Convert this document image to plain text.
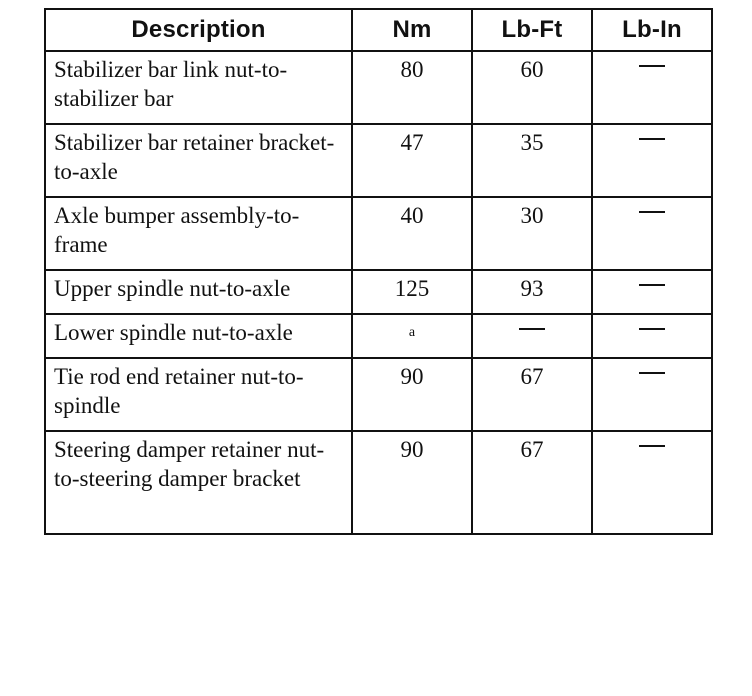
Description	Nm	Lb-Ft	Lb-In
Stabilizer bar link nut-to-stabilizer bar	80	60	
Stabilizer bar retainer bracket-to-axle	47	35	
Axle bumper assembly-to-frame	40	30	
Upper spindle nut-to-axle	125	93	
Lower spindle nut-to-axle	a		
Tie rod end retainer nut-to-spindle	90	67	
Steering damper retainer nut-to-steering damper bracket	90	67	
